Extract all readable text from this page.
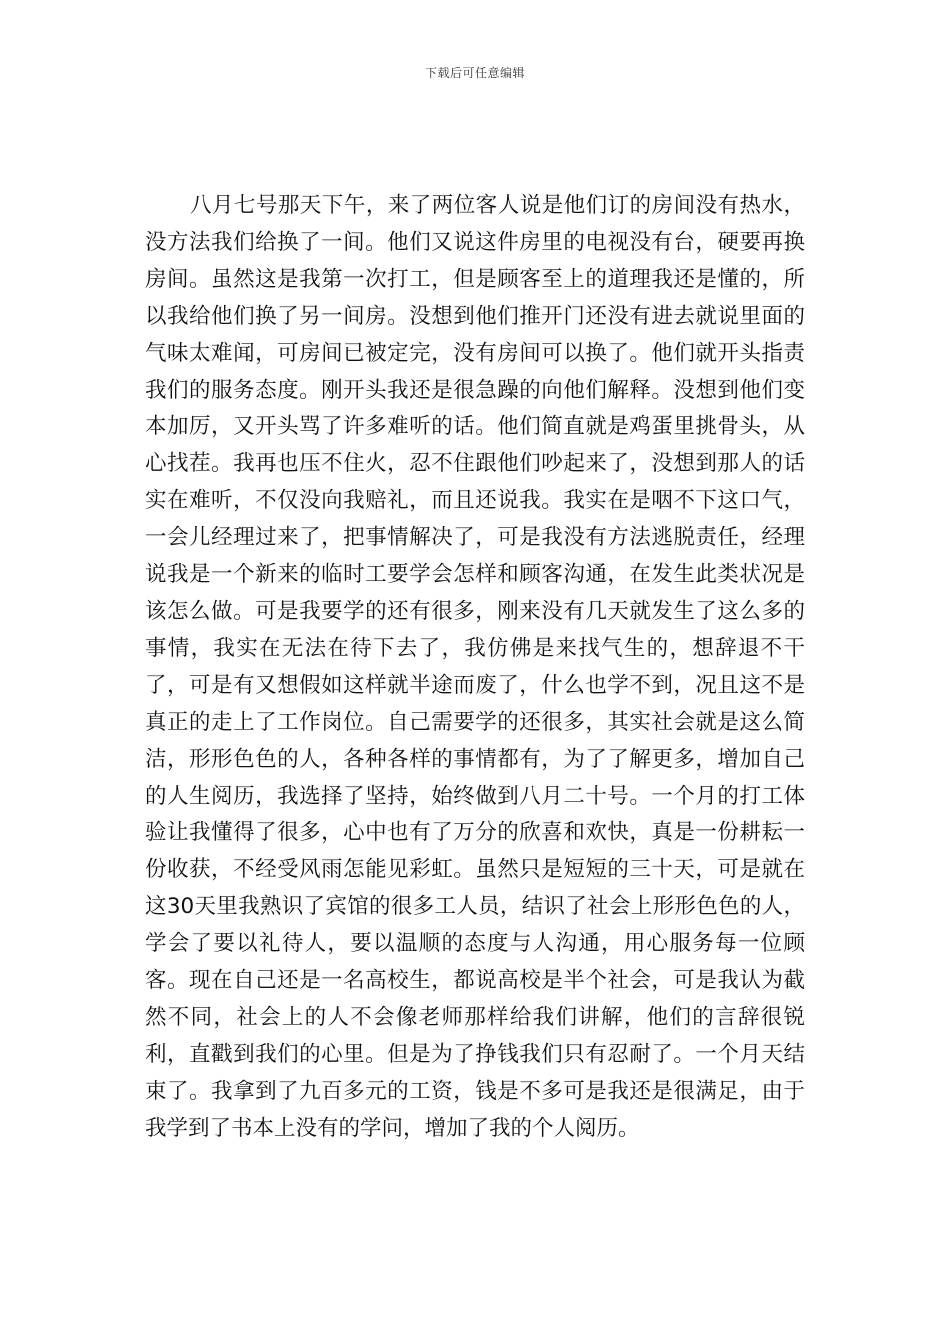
下载后可任意编辑

八月七号那天下午，来了两位客人说是他们订的房间没有热水，没方法我们给换了一间。他们又说这件房里的电视没有台，硬要再换房间。虽然这是我第一次打工，但是顾客至上的道理我还是懂的，所以我给他们换了另一间房。没想到他们推开门还没有进去就说里面的气味太难闻，可房间已被定完，没有房间可以换了。他们就开头指责我们的服务态度。刚开头我还是很急躁的向他们解释。没想到他们变本加厉，又开头骂了许多难听的话。他们简直就是鸡蛋里挑骨头，从心找茬。我再也压不住火，忍不住跟他们吵起来了，没想到那人的话实在难听，不仅没向我赔礼，而且还说我。我实在是咽不下这口气，一会儿经理过来了，把事情解决了，可是我没有方法逃脱责任，经理说我是一个新来的临时工要学会怎样和顾客沟通，在发生此类状况是该怎么做。可是我要学的还有很多，刚来没有几天就发生了这么多的事情，我实在无法在待下去了，我仿佛是来找气生的，想辞退不干了，可是有又想假如这样就半途而废了，什么也学不到，况且这不是真正的走上了工作岗位。自己需要学的还很多，其实社会就是这么简洁，形形色色的人，各种各样的事情都有，为了了解更多，增加自己的人生阅历，我选择了坚持，始终做到八月二十号。一个月的打工体验让我懂得了很多，心中也有了万分的欣喜和欢快，真是一份耕耘一份收获，不经受风雨怎能见彩虹。虽然只是短短的三十天，可是就在这30天里我熟识了宾馆的很多工人员，结识了社会上形形色色的人，学会了要以礼待人，要以温顺的态度与人沟通，用心服务每一位顾客。现在自己还是一名高校生，都说高校是半个社会，可是我认为截然不同，社会上的人不会像老师那样给我们讲解，他们的言辞很锐利，直戳到我们的心里。但是为了挣钱我们只有忍耐了。一个月天结束了。我拿到了九百多元的工资，钱是不多可是我还是很满足，由于我学到了书本上没有的学问，增加了我的个人阅历。
